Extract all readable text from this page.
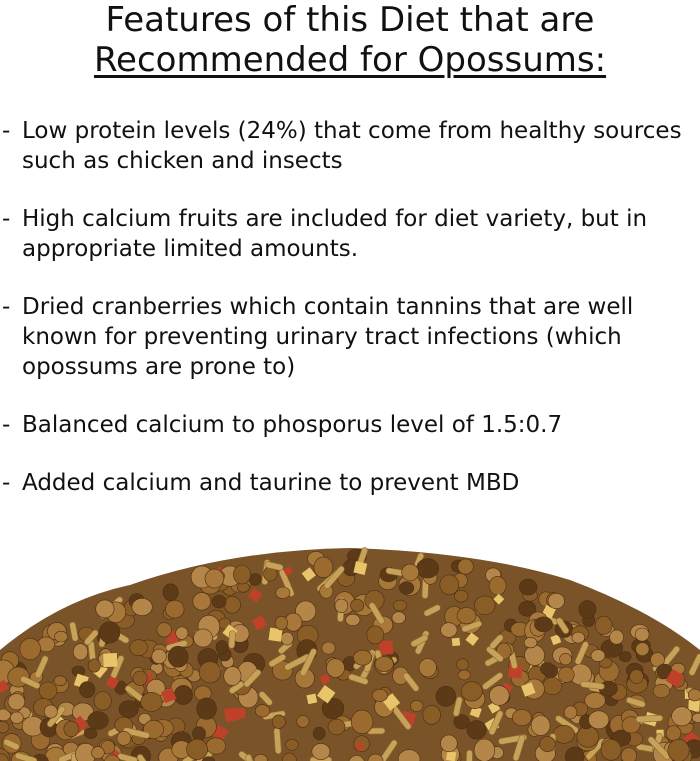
Features of this Diet that are
Recommended for Opossums:
- Low protein levels (24%) that come from healthy sources such as chicken and insects
- High calcium fruits are included for diet variety, but in appropriate limited amounts.
- Dried cranberries which contain tannins that are well known for preventing urinary tract infections (which opossums are prone to)
- Balanced calcium to phosporus level of 1.5:0.7
- Added calcium and taurine to prevent MBD
